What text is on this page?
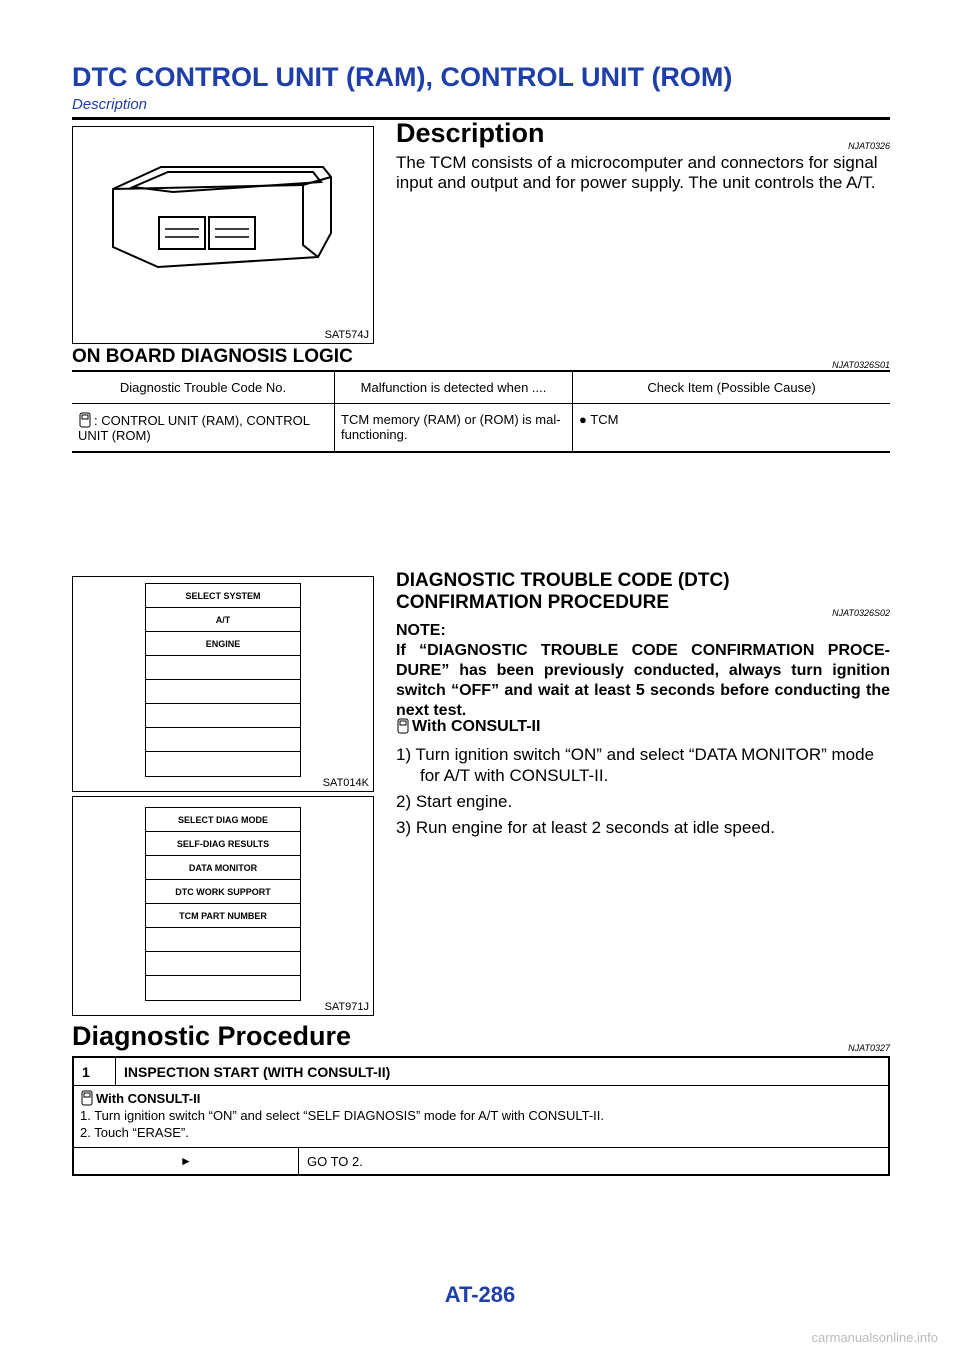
DTC CONTROL UNIT (RAM), CONTROL UNIT (ROM)
Description
SAT574J
Description	NJAT0326
The TCM consists of a microcomputer and connectors for signal input and output and for power supply. The unit controls the A/T.
ON BOARD DIAGNOSIS LOGIC	NJAT0326S01
Diagnostic Trouble Code No.	Malfunction is detected when ....	Check Item (Possible Cause)
: CONTROL UNIT (RAM), CONTROL UNIT (ROM)	TCM memory (RAM) or (ROM) is mal-functioning.	● TCM
SELECT SYSTEM
A/T
ENGINE
SAT014K
SELECT DIAG MODE
SELF-DIAG RESULTS
DATA MONITOR
DTC WORK SUPPORT
TCM PART NUMBER
SAT971J
DIAGNOSTIC TROUBLE CODE (DTC) CONFIRMATION PROCEDURE	NJAT0326S02
NOTE:
If “DIAGNOSTIC TROUBLE CODE CONFIRMATION PROCE-DURE” has been previously conducted, always turn ignition switch “OFF” and wait at least 5 seconds before conducting the next test.
With CONSULT-II

1) Turn ignition switch “ON” and select “DATA MONITOR” mode for A/T with CONSULT-II.

2) Start engine.

3) Run engine for at least 2 seconds at idle speed.

Diagnostic Procedure	NJAT0327
1	INSPECTION START (WITH CONSULT-II)
With CONSULT-II
1. Turn ignition switch “ON” and select “SELF DIAGNOSIS” mode for A/T with CONSULT-II.
2. Touch “ERASE”.
►	GO TO 2.
AT-286
carmanualsonline.info
